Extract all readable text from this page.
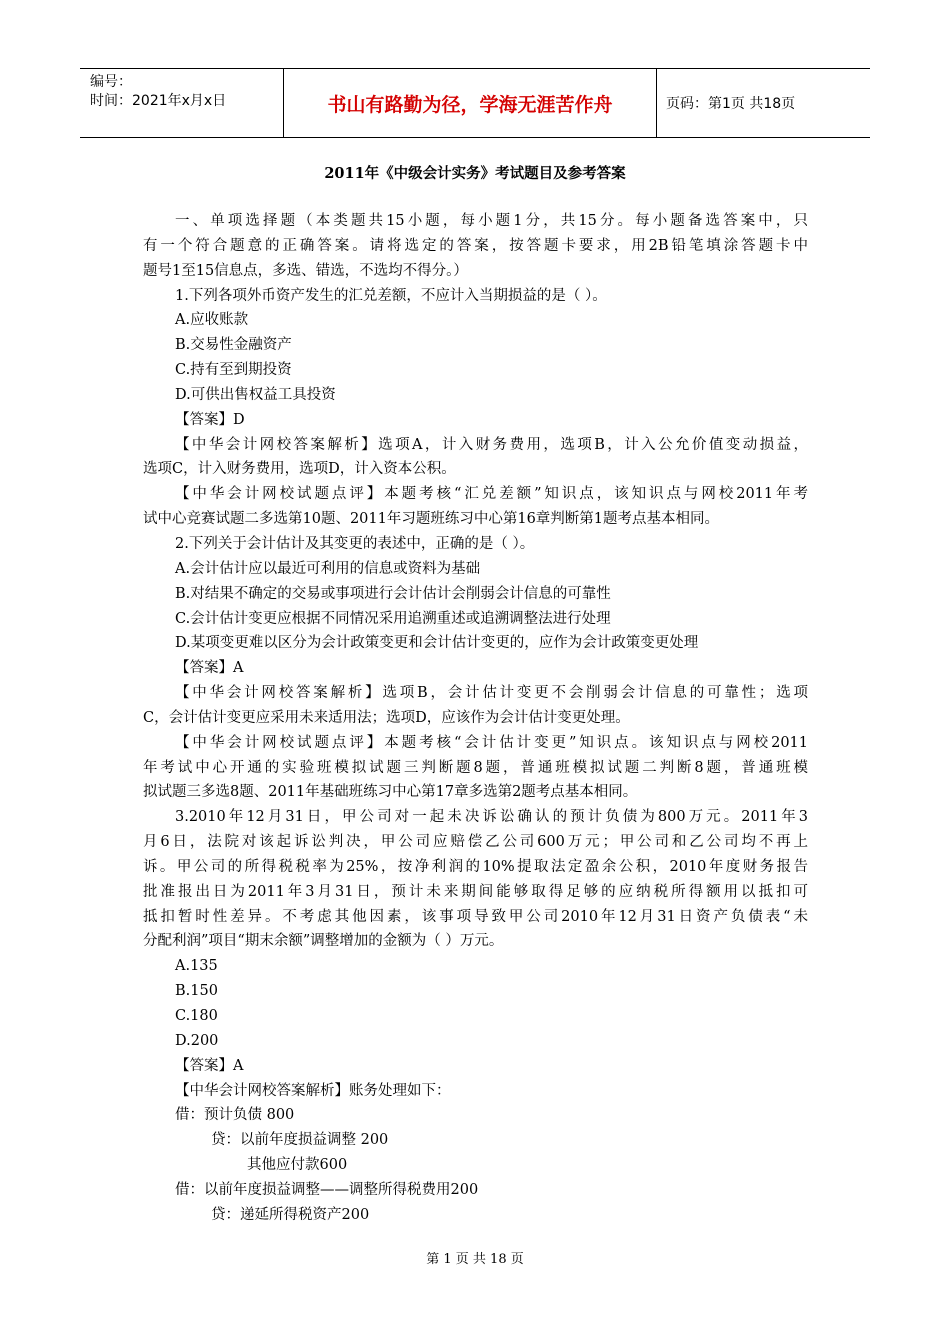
编号：
时间：2021年x月x日	书山有路勤为径，学海无涯苦作舟	页码：第1页 共18页
2011年《中级会计实务》考试题目及参考答案
一、单项选择题（本类题共15小题，每小题1分，共15分。每小题备选答案中，只
有一个符合题意的正确答案。请将选定的答案，按答题卡要求，用2B铅笔填涂答题卡中
题号1至15信息点，多选、错选，不选均不得分。）
1.下列各项外币资产发生的汇兑差额，不应计入当期损益的是（ ）。
A.应收账款
B.交易性金融资产
C.持有至到期投资
D.可供出售权益工具投资
【答案】D
【中华会计网校答案解析】选项A，计入财务费用，选项B，计入公允价值变动损益，
选项C，计入财务费用，选项D，计入资本公积。
【中华会计网校试题点评】本题考核“汇兑差额”知识点，该知识点与网校2011年考
试中心竞赛试题二多选第10题、2011年习题班练习中心第16章判断第1题考点基本相同。
2.下列关于会计估计及其变更的表述中，正确的是（ ）。
A.会计估计应以最近可利用的信息或资料为基础
B.对结果不确定的交易或事项进行会计估计会削弱会计信息的可靠性
C.会计估计变更应根据不同情况采用追溯重述或追溯调整法进行处理
D.某项变更难以区分为会计政策变更和会计估计变更的，应作为会计政策变更处理
【答案】A
【中华会计网校答案解析】选项B，会计估计变更不会削弱会计信息的可靠性；选项
C，会计估计变更应采用未来适用法；选项D，应该作为会计估计变更处理。
【中华会计网校试题点评】本题考核“会计估计变更”知识点。该知识点与网校2011
年考试中心开通的实验班模拟试题三判断题8题，普通班模拟试题二判断8题，普通班模
拟试题三多选8题、2011年基础班练习中心第17章多选第2题考点基本相同。
3.2010年12月31日，甲公司对一起未决诉讼确认的预计负债为800万元。2011年3
月6日，法院对该起诉讼判决，甲公司应赔偿乙公司600万元；甲公司和乙公司均不再上
诉。甲公司的所得税税率为25%，按净利润的10%提取法定盈余公积，2010年度财务报告
批准报出日为2011年3月31日，预计未来期间能够取得足够的应纳税所得额用以抵扣可
抵扣暂时性差异。不考虑其他因素，该事项导致甲公司2010年12月31日资产负债表“未
分配利润”项目“期末余额”调整增加的金额为（ ）万元。
A.135
B.150
C.180
D.200
【答案】A
【中华会计网校答案解析】账务处理如下：
借：预计负债 800
贷：以前年度损益调整 200
其他应付款600
借：以前年度损益调整——调整所得税费用200
贷：递延所得税资产200
第 1 页 共 18 页
